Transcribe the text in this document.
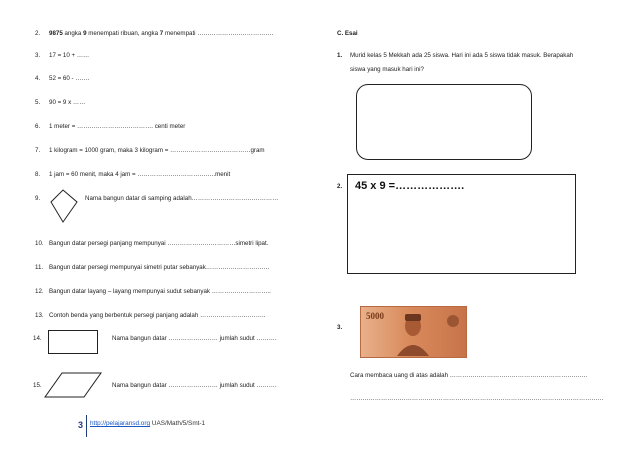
2. 9875 angka 9 menempati ribuan, angka 7 menempati ……………………………….
3. 17 = 10 + ……
4. 52 = 60 - …….
5. 90 = 9 x ……
6. 1 meter = ………………………………. centi meter
7. 1 kilogram = 1000 gram, maka 3 kilogram = …………………………………gram
8. 1 jam = 60 menit, maka 4 jam = ………………………………..menit
9.	Nama bangun datar di samping adalah……………………………………
10. Bangun datar persegi panjang mempunyai ……………………………simetri lipat.
11. Bangun datar persegi mempunyai simetri putar sebanyak………………………….
12. Bangun datar layang – layang mempunyai sudut sebanyak ………………………..
13. Contoh benda yang berbentuk persegi panjang adalah …………………………..
14.	Nama bangun datar …………………… jumlah sudut ……….
15.	Nama bangun datar …………………… jumlah sudut ……….
C. Esai
1. Murid kelas 5 Mekkah ada 25 siswa. Hari ini ada 5 siswa tidak masuk. Berapakah
siswa yang masuk hari ini?
2. 45 x 9 =……………….
3.
5000
Cara membaca uang di atas adalah ………………………………………………………….
……………………………………………………………………………………………………………
3 http://pelajaransd.org UAS/Math/5/Smt-1
